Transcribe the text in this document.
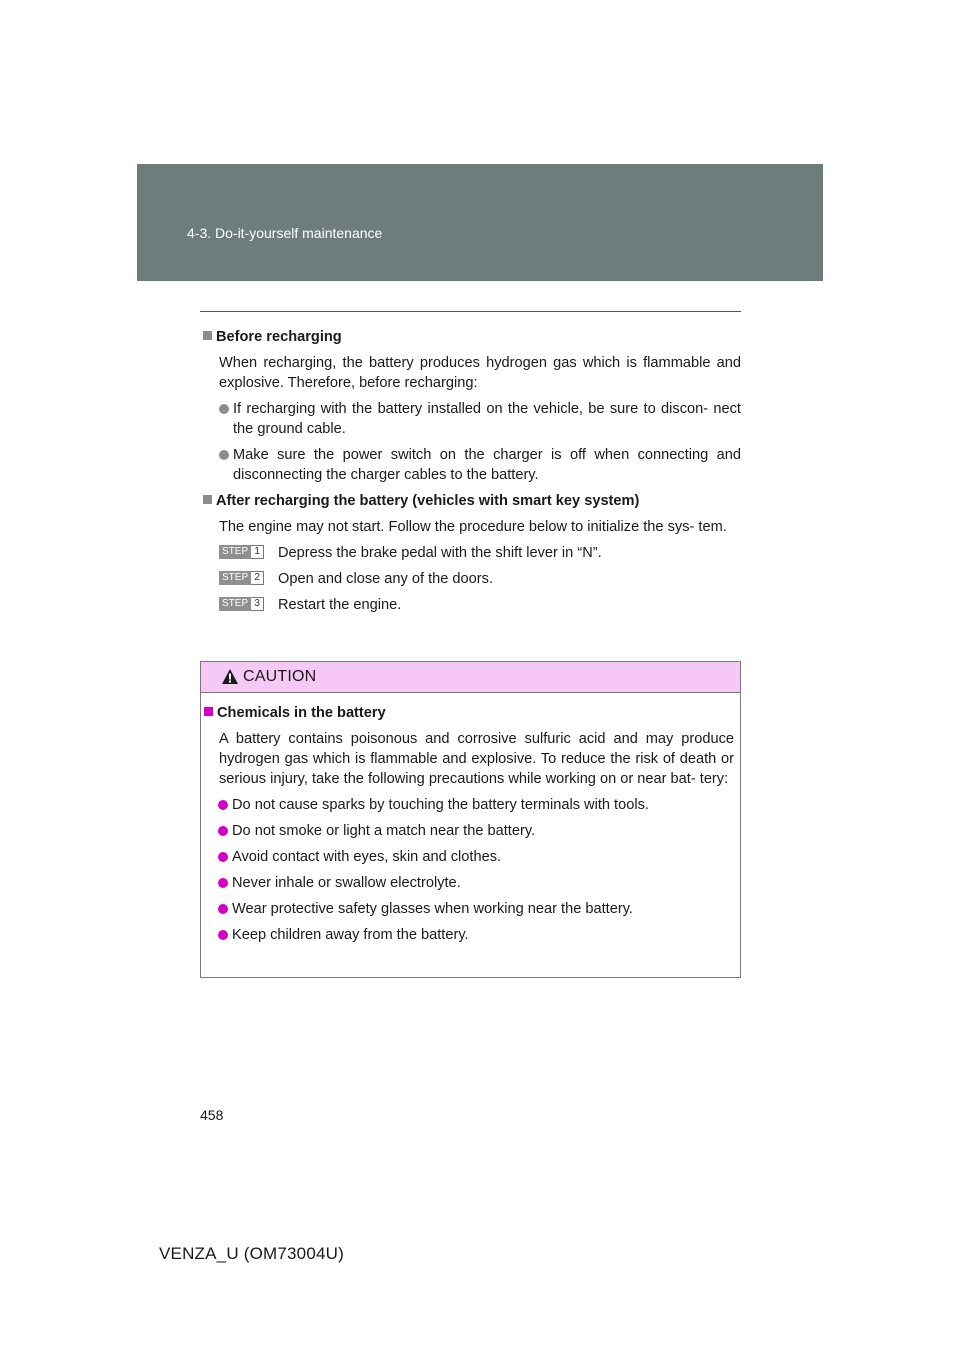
4-3. Do-it-yourself maintenance
Before recharging
When recharging, the battery produces hydrogen gas which is flammable and explosive. Therefore, before recharging:
If recharging with the battery installed on the vehicle, be sure to discon- nect the ground cable.
Make sure the power switch on the charger is off when connecting and disconnecting the charger cables to the battery.
After recharging the battery (vehicles with smart key system)
The engine may not start. Follow the procedure below to initialize the sys- tem.
STEP 1 Depress the brake pedal with the shift lever in “N”.
STEP 2 Open and close any of the doors.
STEP 3 Restart the engine.
CAUTION
Chemicals in the battery
A battery contains poisonous and corrosive sulfuric acid and may produce hydrogen gas which is flammable and explosive. To reduce the risk of death or serious injury, take the following precautions while working on or near bat- tery:
Do not cause sparks by touching the battery terminals with tools.
Do not smoke or light a match near the battery.
Avoid contact with eyes, skin and clothes.
Never inhale or swallow electrolyte.
Wear protective safety glasses when working near the battery.
Keep children away from the battery.
458
VENZA_U (OM73004U)
